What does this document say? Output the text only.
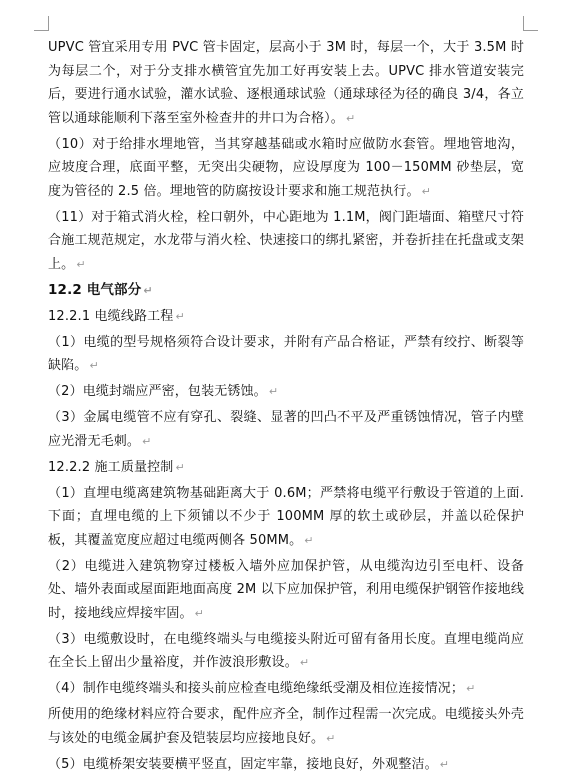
UPVC 管宜采用专用 PVC 管卡固定，层高小于 3M 时，每层一个，大于 3.5M 时为每层二个，对于分支排水横管宜先加工好再安装上去。UPVC 排水管道安装完后，要进行通水试验，灌水试验、逐根通球试验（通球球径为径的确良 3/4，各立管以通球能顺利下落至室外检查井的井口为合格）。 ↵

（10）对于给排水埋地管，当其穿越基础或水箱时应做防水套管。埋地管地沟，应坡度合理，底面平整，无突出尖硬物，应设厚度为 100－150MM 砂垫层，宽度为管径的 2.5 倍。埋地管的防腐按设计要求和施工规范执行。 ↵

（11）对于箱式消火栓，栓口朝外，中心距地为 1.1M，阀门距墙面、箱壁尺寸符合施工规范规定，水龙带与消火栓、快速接口的绑扎紧密，并卷折挂在托盘或支架上。 ↵

12.2 电气部分 ↵

12.2.1 电缆线路工程 ↵

（1）电缆的型号规格须符合设计要求，并附有产品合格证，严禁有绞拧、断裂等缺陷。 ↵

（2）电缆封端应严密，包装无锈蚀。 ↵

（3）金属电缆管不应有穿孔、裂缝、显著的凹凸不平及严重锈蚀情况，管子内壁应光滑无毛刺。 ↵

12.2.2 施工质量控制 ↵

（1）直埋电缆离建筑物基础距离大于 0.6M；严禁将电缆平行敷设于管道的上面.下面；直埋电缆的上下须铺以不少于 100MM 厚的软土或砂层，并盖以砼保护板，其覆盖宽度应超过电缆两侧各 50MM。 ↵

（2）电缆进入建筑物穿过楼板入墙外应加保护管，从电缆沟边引至电杆、设备处、墙外表面或屋面距地面高度 2M 以下应加保护管，利用电缆保护钢管作接地线时，接地线应焊接牢固。 ↵

（3）电缆敷设时，在电缆终端头与电缆接头附近可留有备用长度。直埋电缆尚应在全长上留出少量裕度，并作波浪形敷设。 ↵

（4）制作电缆终端头和接头前应检查电缆绝缘纸受潮及相位连接情况； ↵

所使用的绝缘材料应符合要求，配件应齐全，制作过程需一次完成。电缆接头外壳与该处的电缆金属护套及铠装层均应接地良好。 ↵

（5）电缆桥架安装要横平竖直，固定牢靠，接地良好，外观整洁。 ↵
